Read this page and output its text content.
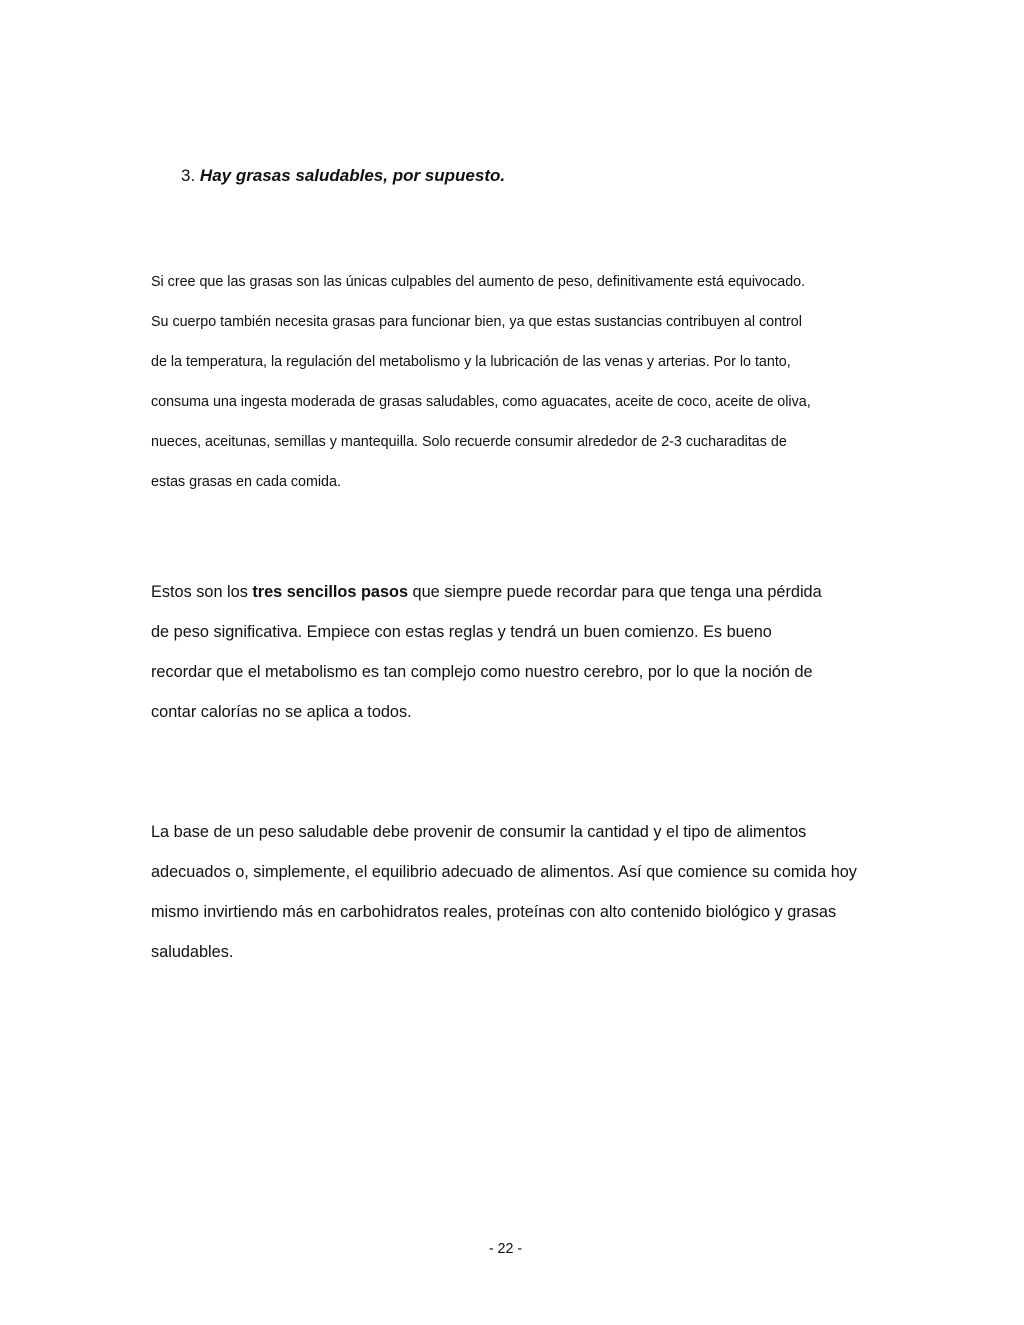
3. Hay grasas saludables, por supuesto.

Si cree que las grasas son las únicas culpables del aumento de peso, definitivamente está equivocado.
Su cuerpo también necesita grasas para funcionar bien, ya que estas sustancias contribuyen al control
de la temperatura, la regulación del metabolismo y la lubricación de las venas y arterias. Por lo tanto,
consuma una ingesta moderada de grasas saludables, como aguacates, aceite de coco, aceite de oliva,
nueces, aceitunas, semillas y mantequilla. Solo recuerde consumir alrededor de 2-3 cucharaditas de
estas grasas en cada comida.

Estos son los tres sencillos pasos que siempre puede recordar para que tenga una pérdida
de peso significativa. Empiece con estas reglas y tendrá un buen comienzo. Es bueno
recordar que el metabolismo es tan complejo como nuestro cerebro, por lo que la noción de
contar calorías no se aplica a todos.

La base de un peso saludable debe provenir de consumir la cantidad y el tipo de alimentos
adecuados o, simplemente, el equilibrio adecuado de alimentos. Así que comience su comida hoy
mismo invirtiendo más en carbohidratos reales, proteínas con alto contenido biológico y grasas
saludables.

- 22 -
